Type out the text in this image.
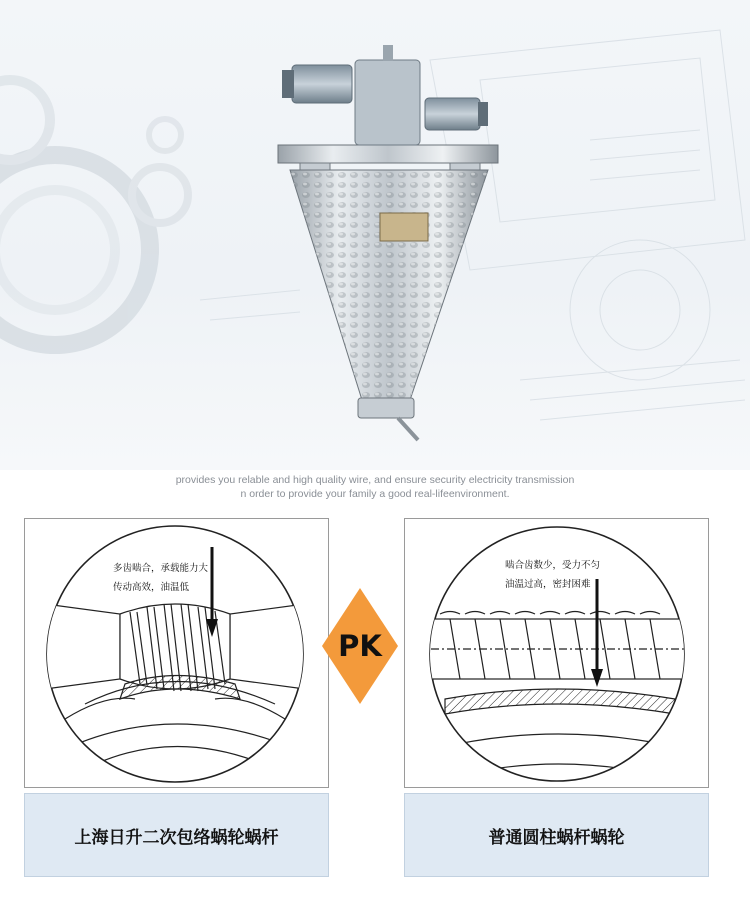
provides you relable and high quality wire, and ensure security electricity transmission
n order to provide your family a good real-lifeenvironment.
多齿啮合，承载能力大
传动高效，油温低
啮合齿数少，受力不匀
油温过高，密封困难
PK
上海日升二次包络蜗轮蜗杆	普通圆柱蜗杆蜗轮
